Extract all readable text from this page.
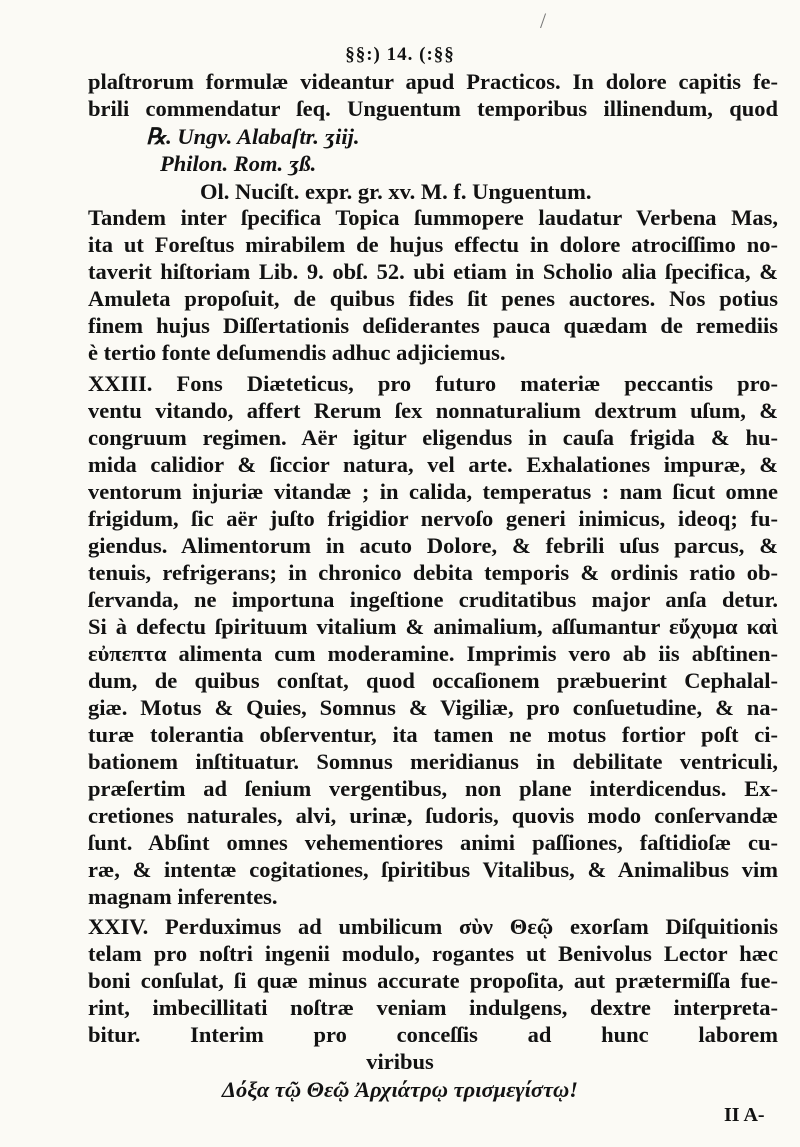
/
§§:) 14. (:§§
plaſtrorum formulæ videantur apud Practicos. In dolore capitis fe-
brili commendatur ſeq. Unguentum temporibus illinendum, quod
℞. Ungv. Alabaſtr. ʒiij.
Philon. Rom. ʒß.
Ol. Nuciſt. expr. gr. xv. M. f. Unguentum.
Tandem inter ſpecifica Topica ſummopere laudatur Verbena Mas,
ita ut Foreſtus mirabilem de hujus effectu in dolore atrociſſimo no-
taverit hiſtoriam Lib. 9. obſ. 52. ubi etiam in Scholio alia ſpecifica, &
Amuleta propoſuit, de quibus fides ſit penes auctores. Nos potius
finem hujus Diſſertationis deſiderantes pauca quædam de remediis
è tertio fonte deſumendis adhuc adjiciemus.
XXIII. Fons Diæteticus, pro futuro materiæ peccantis pro-
ventu vitando, affert Rerum ſex nonnaturalium dextrum uſum, &
congruum regimen. Aër igitur eligendus in cauſa frigida & hu-
mida calidior & ſiccior natura, vel arte. Exhalationes impuræ, &
ventorum injuriæ vitandæ ; in calida, temperatus : nam ſicut omne
frigidum, ſic aër juſto frigidior nervoſo generi inimicus, ideoq; fu-
giendus. Alimentorum in acuto Dolore, & febrili uſus parcus, &
tenuis, refrigerans; in chronico debita temporis & ordinis ratio ob-
ſervanda, ne importuna ingeſtione cruditatibus major anſa detur.
Si à defectu ſpirituum vitalium & animalium, aſſumantur εὔχυμα καὶ
εὐπεπτα alimenta cum moderamine. Imprimis vero ab iis abſtinen-
dum, de quibus conſtat, quod occaſionem præbuerint Cephalal-
giæ. Motus & Quies, Somnus & Vigiliæ, pro conſuetudine, & na-
turæ tolerantia obſerventur, ita tamen ne motus fortior poſt ci-
bationem inſtituatur. Somnus meridianus in debilitate ventriculi,
præſertim ad ſenium vergentibus, non plane interdicendus. Ex-
cretiones naturales, alvi, urinæ, ſudoris, quovis modo conſervandæ
ſunt. Abſint omnes vehementiores animi paſſiones, faſtidioſæ cu-
ræ, & intentæ cogitationes, ſpiritibus Vitalibus, & Animalibus vim
magnam inferentes.
XXIV. Perduximus ad umbilicum σὺν Θεῷ exorſam Diſquitionis
telam pro noſtri ingenii modulo, rogantes ut Benivolus Lector hæc
boni conſulat, ſi quæ minus accurate propoſita, aut prætermiſſa fue-
rint, imbecillitati noſtræ veniam indulgens, dextre interpreta-
bitur. Interim pro conceſſis ad hunc laborem
viribus
Δόξα τῷ Θεῷ Ἀρχιάτρῳ τρισμεγίστῳ!
II A-
